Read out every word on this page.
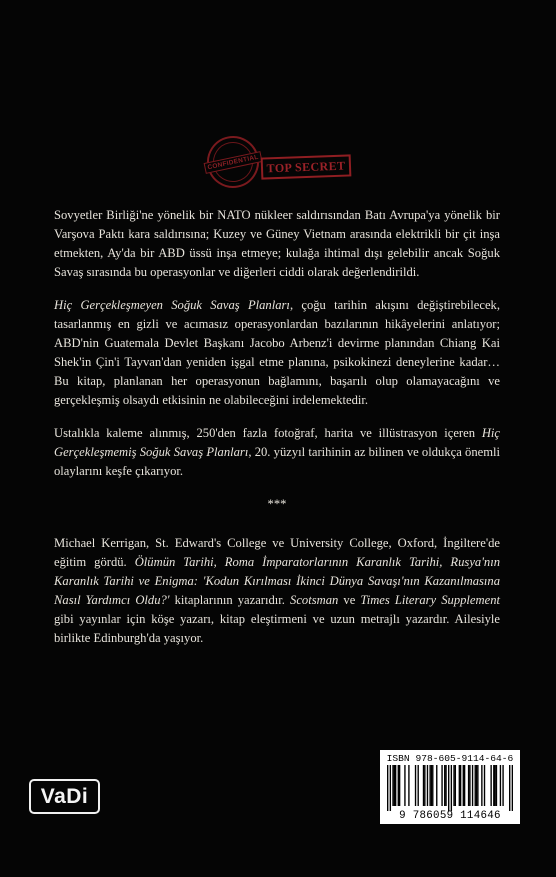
CONFIDENTIAL TOP SECRET

Sovyetler Birliği'ne yönelik bir NATO nükleer saldırısından Batı Avrupa'ya yönelik bir Varşova Paktı kara saldırısına; Kuzey ve Güney Vietnam arasında elektrikli bir çit inşa etmekten, Ay'da bir ABD üssü inşa etmeye; kulağa ihtimal dışı gelebilir ancak Soğuk Savaş sırasında bu operasyonlar ve diğerleri ciddi olarak değerlendirildi.

Hiç Gerçekleşmeyen Soğuk Savaş Planları, çoğu tarihin akışını değiştirebilecek, tasarlanmış en gizli ve acımasız operasyonlardan bazılarının hikâyelerini anlatıyor; ABD'nin Guatemala Devlet Başkanı Jacobo Arbenz'i devirme planından Chiang Kai Shek'in Çin'i Tayvan'dan yeniden işgal etme planına, psikokinezi deneylerine kadar… Bu kitap, planlanan her operasyonun bağlamını, başarılı olup olamayacağını ve gerçekleşmiş olsaydı etkisinin ne olabileceğini irdelemektedir.

Ustalıkla kaleme alınmış, 250'den fazla fotoğraf, harita ve illüstrasyon içeren Hiç Gerçekleşmemiş Soğuk Savaş Planları, 20. yüzyıl tarihinin az bilinen ve oldukça önemli olaylarını keşfe çıkarıyor.

***

Michael Kerrigan, St. Edward's College ve University College, Oxford, İngiltere'de eğitim gördü. Ölümün Tarihi, Roma İmparatorlarının Karanlık Tarihi, Rusya'nın Karanlık Tarihi ve Enigma: 'Kodun Kırılması İkinci Dünya Savaşı'nın Kazanılmasına Nasıl Yardımcı Oldu?' kitaplarının yazarıdır. Scotsman ve Times Literary Supplement gibi yayınlar için köşe yazarı, kitap eleştirmeni ve uzun metrajlı yazardır. Ailesiyle birlikte Edinburgh'da yaşıyor.

VaDi
ISBN 978-605-9114-64-6
9 786059 114646
